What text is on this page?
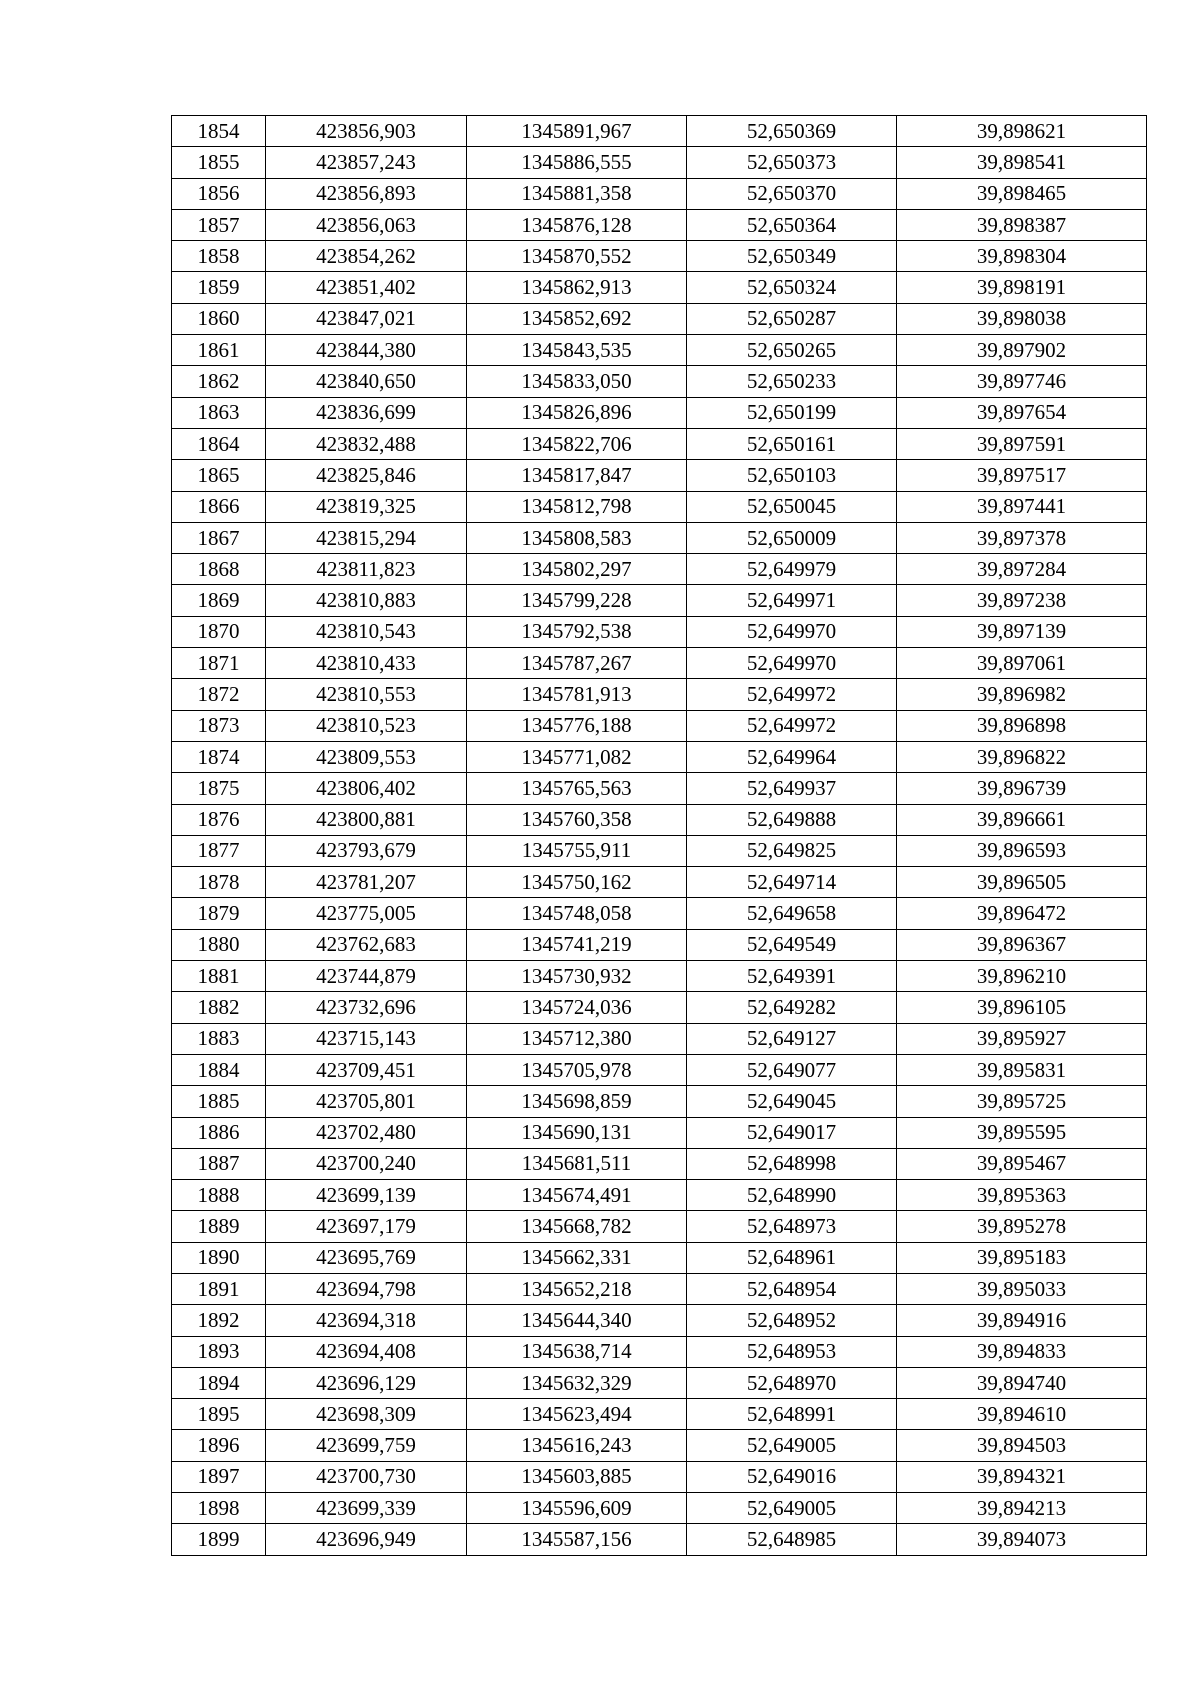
1854	423856,903	1345891,967	52,650369	39,898621
1855	423857,243	1345886,555	52,650373	39,898541
1856	423856,893	1345881,358	52,650370	39,898465
1857	423856,063	1345876,128	52,650364	39,898387
1858	423854,262	1345870,552	52,650349	39,898304
1859	423851,402	1345862,913	52,650324	39,898191
1860	423847,021	1345852,692	52,650287	39,898038
1861	423844,380	1345843,535	52,650265	39,897902
1862	423840,650	1345833,050	52,650233	39,897746
1863	423836,699	1345826,896	52,650199	39,897654
1864	423832,488	1345822,706	52,650161	39,897591
1865	423825,846	1345817,847	52,650103	39,897517
1866	423819,325	1345812,798	52,650045	39,897441
1867	423815,294	1345808,583	52,650009	39,897378
1868	423811,823	1345802,297	52,649979	39,897284
1869	423810,883	1345799,228	52,649971	39,897238
1870	423810,543	1345792,538	52,649970	39,897139
1871	423810,433	1345787,267	52,649970	39,897061
1872	423810,553	1345781,913	52,649972	39,896982
1873	423810,523	1345776,188	52,649972	39,896898
1874	423809,553	1345771,082	52,649964	39,896822
1875	423806,402	1345765,563	52,649937	39,896739
1876	423800,881	1345760,358	52,649888	39,896661
1877	423793,679	1345755,911	52,649825	39,896593
1878	423781,207	1345750,162	52,649714	39,896505
1879	423775,005	1345748,058	52,649658	39,896472
1880	423762,683	1345741,219	52,649549	39,896367
1881	423744,879	1345730,932	52,649391	39,896210
1882	423732,696	1345724,036	52,649282	39,896105
1883	423715,143	1345712,380	52,649127	39,895927
1884	423709,451	1345705,978	52,649077	39,895831
1885	423705,801	1345698,859	52,649045	39,895725
1886	423702,480	1345690,131	52,649017	39,895595
1887	423700,240	1345681,511	52,648998	39,895467
1888	423699,139	1345674,491	52,648990	39,895363
1889	423697,179	1345668,782	52,648973	39,895278
1890	423695,769	1345662,331	52,648961	39,895183
1891	423694,798	1345652,218	52,648954	39,895033
1892	423694,318	1345644,340	52,648952	39,894916
1893	423694,408	1345638,714	52,648953	39,894833
1894	423696,129	1345632,329	52,648970	39,894740
1895	423698,309	1345623,494	52,648991	39,894610
1896	423699,759	1345616,243	52,649005	39,894503
1897	423700,730	1345603,885	52,649016	39,894321
1898	423699,339	1345596,609	52,649005	39,894213
1899	423696,949	1345587,156	52,648985	39,894073
